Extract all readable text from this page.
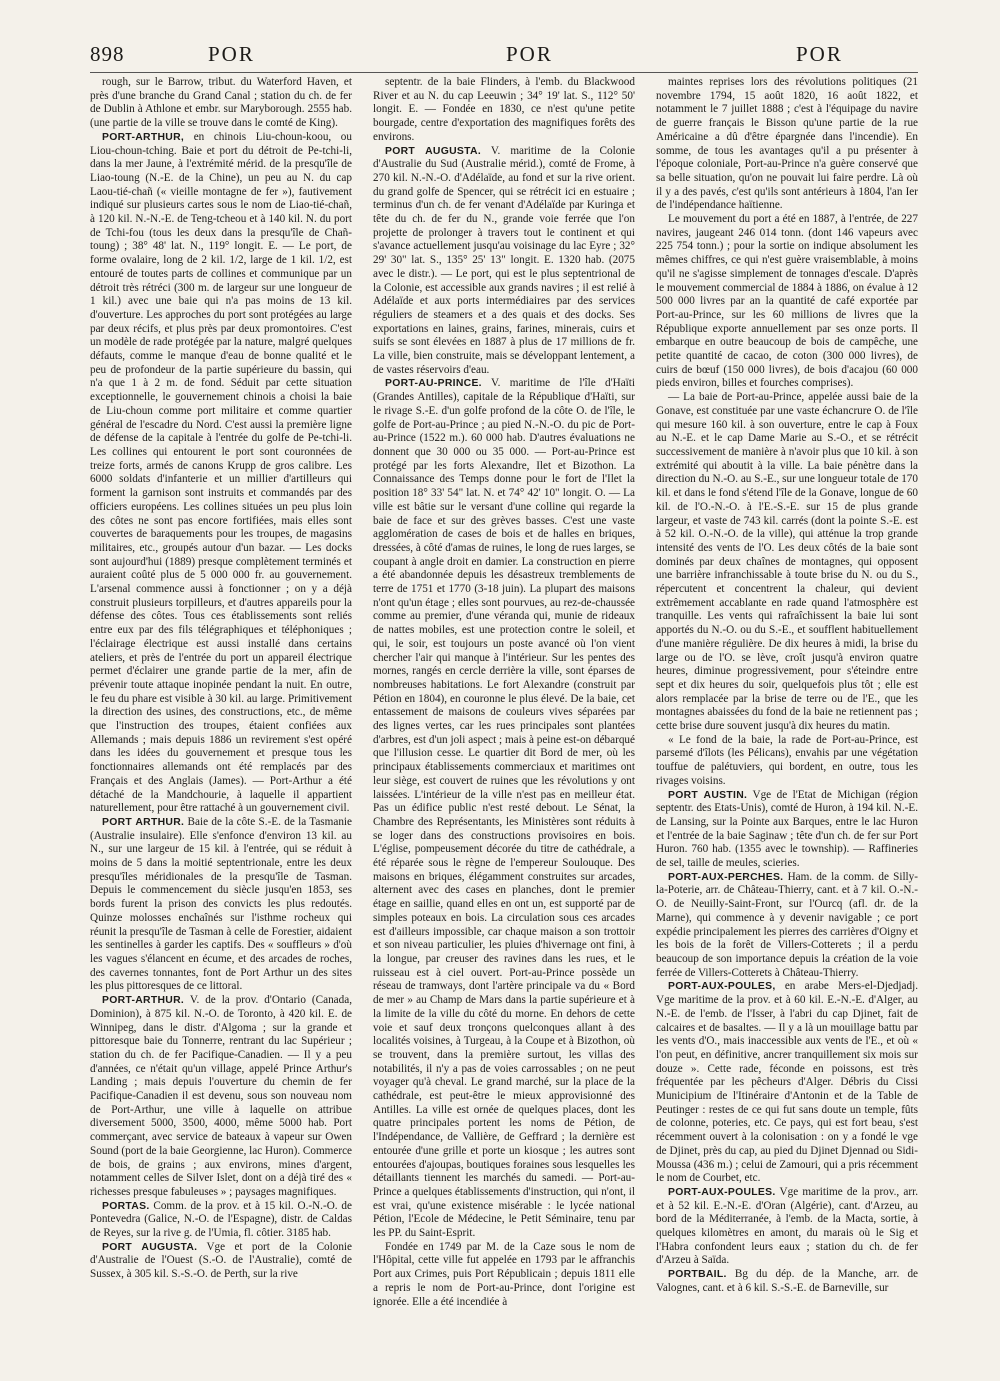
898	POR	POR	POR

rough, sur le Barrow, tribut. du Waterford Haven, et près d'une branche du Grand Canal ; station du ch. de fer de Dublin à Athlone et embr. sur Maryborough. 2555 hab. (une partie de la ville se trouve dans le comté de King).

PORT-ARTHUR, en chinois Liu-choun-koou, ou Liou-choun-tching. Baie et port du détroit de Pe-tchi-li, dans la mer Jaune, à l'extrémité mérid. de la presqu'île de Liao-toung (N.-E. de la Chine), un peu au N. du cap Laou-tié-chañ (« vieille montagne de fer »), fautivement indiqué sur plusieurs cartes sous le nom de Liao-tié-chañ, à 120 kil. N.-N.-E. de Teng-tcheou et à 140 kil. N. du port de Tchi-fou (tous les deux dans la presqu'île de Chañ-toung) ; 38° 48' lat. N., 119° longit. E. — Le port, de forme ovalaire, long de 2 kil. 1/2, large de 1 kil. 1/2, est entouré de toutes parts de collines et communique par un détroit très rétréci (300 m. de largeur sur une longueur de 1 kil.) avec une baie qui n'a pas moins de 13 kil. d'ouverture. Les approches du port sont protégées au large par deux récifs, et plus près par deux promontoires. C'est un modèle de rade protégée par la nature, malgré quelques défauts, comme le manque d'eau de bonne qualité et le peu de profondeur de la partie supérieure du bassin, qui n'a que 1 à 2 m. de fond. Séduit par cette situation exceptionnelle, le gouvernement chinois a choisi la baie de Liu-choun comme port militaire et comme quartier général de l'escadre du Nord. C'est aussi la première ligne de défense de la capitale à l'entrée du golfe de Pe-tchi-li. Les collines qui entourent le port sont couronnées de treize forts, armés de canons Krupp de gros calibre. Les 6000 soldats d'infanterie et un millier d'artilleurs qui forment la garnison sont instruits et commandés par des officiers européens. Les collines situées un peu plus loin des côtes ne sont pas encore fortifiées, mais elles sont couvertes de baraquements pour les troupes, de magasins militaires, etc., groupés autour d'un bazar. — Les docks sont aujourd'hui (1889) presque complètement terminés et auraient coûté plus de 5 000 000 fr. au gouvernement. L'arsenal commence aussi à fonctionner ; on y a déjà construit plusieurs torpilleurs, et d'autres appareils pour la défense des côtes. Tous ces établissements sont reliés entre eux par des fils télégraphiques et téléphoniques ; l'éclairage électrique est aussi installé dans certains ateliers, et près de l'entrée du port un appareil électrique permet d'éclairer une grande partie de la mer, afin de prévenir toute attaque inopinée pendant la nuit. En outre, le feu du phare est visible à 30 kil. au large. Primitivement la direction des usines, des constructions, etc., de même que l'instruction des troupes, étaient confiées aux Allemands ; mais depuis 1886 un revirement s'est opéré dans les idées du gouvernement et presque tous les fonctionnaires allemands ont été remplacés par des Français et des Anglais (James). — Port-Arthur a été détaché de la Mandchourie, à laquelle il appartient naturellement, pour être rattaché à un gouvernement civil.

PORT ARTHUR. Baie de la côte S.-E. de la Tasmanie (Australie insulaire). Elle s'enfonce d'environ 13 kil. au N., sur une largeur de 15 kil. à l'entrée, qui se réduit à moins de 5 dans la moitié septentrionale, entre les deux presqu'îles méridionales de la presqu'île de Tasman. Depuis le commencement du siècle jusqu'en 1853, ses bords furent la prison des convicts les plus redoutés. Quinze molosses enchaînés sur l'isthme rocheux qui réunit la presqu'île de Tasman à celle de Forestier, aidaient les sentinelles à garder les captifs. Des « souffleurs » d'où les vagues s'élancent en écume, et des arcades de roches, des cavernes tonnantes, font de Port Arthur un des sites les plus pittoresques de ce littoral.

PORT-ARTHUR. V. de la prov. d'Ontario (Canada, Dominion), à 875 kil. N.-O. de Toronto, à 420 kil. E. de Winnipeg, dans le distr. d'Algoma ; sur la grande et pittoresque baie du Tonnerre, rentrant du lac Supérieur ; station du ch. de fer Pacifique-Canadien. — Il y a peu d'années, ce n'était qu'un village, appelé Prince Arthur's Landing ; mais depuis l'ouverture du chemin de fer Pacifique-Canadien il est devenu, sous son nouveau nom de Port-Arthur, une ville à laquelle on attribue diversement 5000, 3500, 4000, même 5000 hab. Port commerçant, avec service de bateaux à vapeur sur Owen Sound (port de la baie Georgienne, lac Huron). Commerce de bois, de grains ; aux environs, mines d'argent, notamment celles de Silver Islet, dont on a déjà tiré des « richesses presque fabuleuses » ; paysages magnifiques.

PORTAS. Comm. de la prov. et à 15 kil. O.-N.-O. de Pontevedra (Galice, N.-O. de l'Espagne), distr. de Caldas de Reyes, sur la rive g. de l'Umia, fl. côtier. 3185 hab.

PORT AUGUSTA. Vge et port de la Colonie d'Australie de l'Ouest (S.-O. de l'Australie), comté de Sussex, à 305 kil. S.-S.-O. de Perth, sur la rive

septentr. de la baie Flinders, à l'emb. du Blackwood River et au N. du cap Leeuwin ; 34° 19' lat. S., 112° 50' longit. E. — Fondée en 1830, ce n'est qu'une petite bourgade, centre d'exportation des magnifiques forêts des environs.

PORT AUGUSTA. V. maritime de la Colonie d'Australie du Sud (Australie mérid.), comté de Frome, à 270 kil. N.-N.-O. d'Adélaïde, au fond et sur la rive orient. du grand golfe de Spencer, qui se rétrécit ici en estuaire ; terminus d'un ch. de fer venant d'Adélaïde par Kuringa et tête du ch. de fer du N., grande voie ferrée que l'on projette de prolonger à travers tout le continent et qui s'avance actuellement jusqu'au voisinage du lac Eyre ; 32° 29' 30" lat. S., 135° 25' 13" longit. E. 1320 hab. (2075 avec le distr.). — Le port, qui est le plus septentrional de la Colonie, est accessible aux grands navires ; il est relié à Adélaïde et aux ports intermédiaires par des services réguliers de steamers et a des quais et des docks. Ses exportations en laines, grains, farines, minerais, cuirs et suifs se sont élevées en 1887 à plus de 17 millions de fr. La ville, bien construite, mais se développant lentement, a de vastes réservoirs d'eau.

PORT-AU-PRINCE. V. maritime de l'île d'Haïti (Grandes Antilles), capitale de la République d'Haïti, sur le rivage S.-E. d'un golfe profond de la côte O. de l'île, le golfe de Port-au-Prince ; au pied N.-N.-O. du pic de Port-au-Prince (1522 m.). 60 000 hab. D'autres évaluations ne donnent que 30 000 ou 35 000. — Port-au-Prince est protégé par les forts Alexandre, Ilet et Bizothon. La Connaissance des Temps donne pour le fort de l'Ilet la position 18° 33' 54" lat. N. et 74° 42' 10" longit. O. — La ville est bâtie sur le versant d'une colline qui regarde la baie de face et sur des grèves basses. C'est une vaste agglomération de cases de bois et de halles en briques, dressées, à côté d'amas de ruines, le long de rues larges, se coupant à angle droit en damier. La construction en pierre a été abandonnée depuis les désastreux tremblements de terre de 1751 et 1770 (3-18 juin). La plupart des maisons n'ont qu'un étage ; elles sont pourvues, au rez-de-chaussée comme au premier, d'une véranda qui, munie de rideaux de nattes mobiles, est une protection contre le soleil, et qui, le soir, est toujours un poste avancé où l'on vient chercher l'air qui manque à l'intérieur. Sur les pentes des mornes, rangés en cercle derrière la ville, sont éparses de nombreuses habitations. Le fort Alexandre (construit par Pétion en 1804), en couronne le plus élevé. De la baie, cet entassement de maisons de couleurs vives séparées par des lignes vertes, car les rues principales sont plantées d'arbres, est d'un joli aspect ; mais à peine est-on débarqué que l'illusion cesse. Le quartier dit Bord de mer, où les principaux établissements commerciaux et maritimes ont leur siège, est couvert de ruines que les révolutions y ont laissées. L'intérieur de la ville n'est pas en meilleur état. Pas un édifice public n'est resté debout. Le Sénat, la Chambre des Représentants, les Ministères sont réduits à se loger dans des constructions provisoires en bois. L'église, pompeusement décorée du titre de cathédrale, a été réparée sous le règne de l'empereur Soulouque. Des maisons en briques, élégamment construites sur arcades, alternent avec des cases en planches, dont le premier étage en saillie, quand elles en ont un, est supporté par de simples poteaux en bois. La circulation sous ces arcades est d'ailleurs impossible, car chaque maison a son trottoir et son niveau particulier, les pluies d'hivernage ont fini, à la longue, par creuser des ravines dans les rues, et le ruisseau est à ciel ouvert. Port-au-Prince possède un réseau de tramways, dont l'artère principale va du « Bord de mer » au Champ de Mars dans la partie supérieure et à la limite de la ville du côté du morne. En dehors de cette voie et sauf deux tronçons quelconques allant à des localités voisines, à Turgeau, à la Coupe et à Bizothon, où se trouvent, dans la première surtout, les villas des notabilités, il n'y a pas de voies carrossables ; on ne peut voyager qu'à cheval. Le grand marché, sur la place de la cathédrale, est peut-être le mieux approvisionné des Antilles. La ville est ornée de quelques places, dont les quatre principales portent les noms de Pétion, de l'Indépendance, de Vallière, de Geffrard ; la dernière est entourée d'une grille et porte un kiosque ; les autres sont entourées d'ajoupas, boutiques foraines sous lesquelles les détaillants tiennent les marchés du samedi. — Port-au-Prince a quelques établissements d'instruction, qui n'ont, il est vrai, qu'une existence misérable : le lycée national Pétion, l'Ecole de Médecine, le Petit Séminaire, tenu par les PP. du Saint-Esprit.

Fondée en 1749 par M. de la Caze sous le nom de l'Hôpital, cette ville fut appelée en 1793 par le affranchis Port aux Crimes, puis Port Républicain ; depuis 1811 elle a repris le nom de Port-au-Prince, dont l'origine est ignorée. Elle a été incendiée à

maintes reprises lors des révolutions politiques (21 novembre 1794, 15 août 1820, 16 août 1822, et notamment le 7 juillet 1888 ; c'est à l'équipage du navire de guerre français le Bisson qu'une partie de la rue Américaine a dû d'être épargnée dans l'incendie). En somme, de tous les avantages qu'il a pu présenter à l'époque coloniale, Port-au-Prince n'a guère conservé que sa belle situation, qu'on ne pouvait lui faire perdre. Là où il y a des pavés, c'est qu'ils sont antérieurs à 1804, l'an Ier de l'indépendance haïtienne.

Le mouvement du port a été en 1887, à l'entrée, de 227 navires, jaugeant 246 014 tonn. (dont 146 vapeurs avec 225 754 tonn.) ; pour la sortie on indique absolument les mêmes chiffres, ce qui n'est guère vraisemblable, à moins qu'il ne s'agisse simplement de tonnages d'escale. D'après le mouvement commercial de 1884 à 1886, on évalue à 12 500 000 livres par an la quantité de café exportée par Port-au-Prince, sur les 60 millions de livres que la République exporte annuellement par ses onze ports. Il embarque en outre beaucoup de bois de campêche, une petite quantité de cacao, de coton (300 000 livres), de cuirs de bœuf (150 000 livres), de bois d'acajou (60 000 pieds environ, billes et fourches comprises).

— La baie de Port-au-Prince, appelée aussi baie de la Gonave, est constituée par une vaste échancrure O. de l'île qui mesure 160 kil. à son ouverture, entre le cap à Foux au N.-E. et le cap Dame Marie au S.-O., et se rétrécit successivement de manière à n'avoir plus que 10 kil. à son extrémité qui aboutit à la ville. La baie pénètre dans la direction du N.-O. au S.-E., sur une longueur totale de 170 kil. et dans le fond s'étend l'île de la Gonave, longue de 60 kil. de l'O.-N.-O. à l'E.-S.-E. sur 15 de plus grande largeur, et vaste de 743 kil. carrés (dont la pointe S.-E. est à 52 kil. O.-N.-O. de la ville), qui atténue la trop grande intensité des vents de l'O. Les deux côtés de la baie sont dominés par deux chaînes de montagnes, qui opposent une barrière infranchissable à toute brise du N. ou du S., répercutent et concentrent la chaleur, qui devient extrêmement accablante en rade quand l'atmosphère est tranquille. Les vents qui rafraîchissent la baie lui sont apportés du N.-O. ou du S.-E., et soufflent habituellement d'une manière régulière. De dix heures à midi, la brise du large ou de l'O. se lève, croît jusqu'à environ quatre heures, diminue progressivement, pour s'éteindre entre sept et dix heures du soir, quelquefois plus tôt ; elle est alors remplacée par la brise de terre ou de l'E., que les montagnes abaissées du fond de la baie ne retiennent pas ; cette brise dure souvent jusqu'à dix heures du matin.

« Le fond de la baie, la rade de Port-au-Prince, est parsemé d'îlots (les Pélicans), envahis par une végétation touffue de palétuviers, qui bordent, en outre, tous les rivages voisins.

PORT AUSTIN. Vge de l'Etat de Michigan (région septentr. des Etats-Unis), comté de Huron, à 194 kil. N.-E. de Lansing, sur la Pointe aux Barques, entre le lac Huron et l'entrée de la baie Saginaw ; tête d'un ch. de fer sur Port Huron. 760 hab. (1355 avec le township). — Raffineries de sel, taille de meules, scieries.

PORT-AUX-PERCHES. Ham. de la comm. de Silly-la-Poterie, arr. de Château-Thierry, cant. et à 7 kil. O.-N.-O. de Neuilly-Saint-Front, sur l'Ourcq (afl. dr. de la Marne), qui commence à y devenir navigable ; ce port expédie principalement les pierres des carrières d'Oigny et les bois de la forêt de Villers-Cotterets ; il a perdu beaucoup de son importance depuis la création de la voie ferrée de Villers-Cotterets à Château-Thierry.

PORT-AUX-POULES, en arabe Mers-el-Djedjadj. Vge maritime de la prov. et à 60 kil. E.-N.-E. d'Alger, au N.-E. de l'emb. de l'Isser, à l'abri du cap Djinet, fait de calcaires et de basaltes. — Il y a là un mouillage battu par les vents d'O., mais inaccessible aux vents de l'E., et où « l'on peut, en définitive, ancrer tranquillement six mois sur douze ». Cette rade, féconde en poissons, est très fréquentée par les pêcheurs d'Alger. Débris du Cissi Municipium de l'Itinéraire d'Antonin et de la Table de Peutinger : restes de ce qui fut sans doute un temple, fûts de colonne, poteries, etc. Ce pays, qui est fort beau, s'est récemment ouvert à la colonisation : on y a fondé le vge de Djinet, près du cap, au pied du Djinet Djennad ou Sidi-Moussa (436 m.) ; celui de Zamouri, qui a pris récemment le nom de Courbet, etc.

PORT-AUX-POULES. Vge maritime de la prov., arr. et à 52 kil. E.-N.-E. d'Oran (Algérie), cant. d'Arzeu, au bord de la Méditerranée, à l'emb. de la Macta, sortie, à quelques kilomètres en amont, du marais où le Sig et l'Habra confondent leurs eaux ; station du ch. de fer d'Arzeu à Saïda.

PORTBAIL. Bg du dép. de la Manche, arr. de Valognes, cant. et à 6 kil. S.-S.-E. de Barneville, sur
